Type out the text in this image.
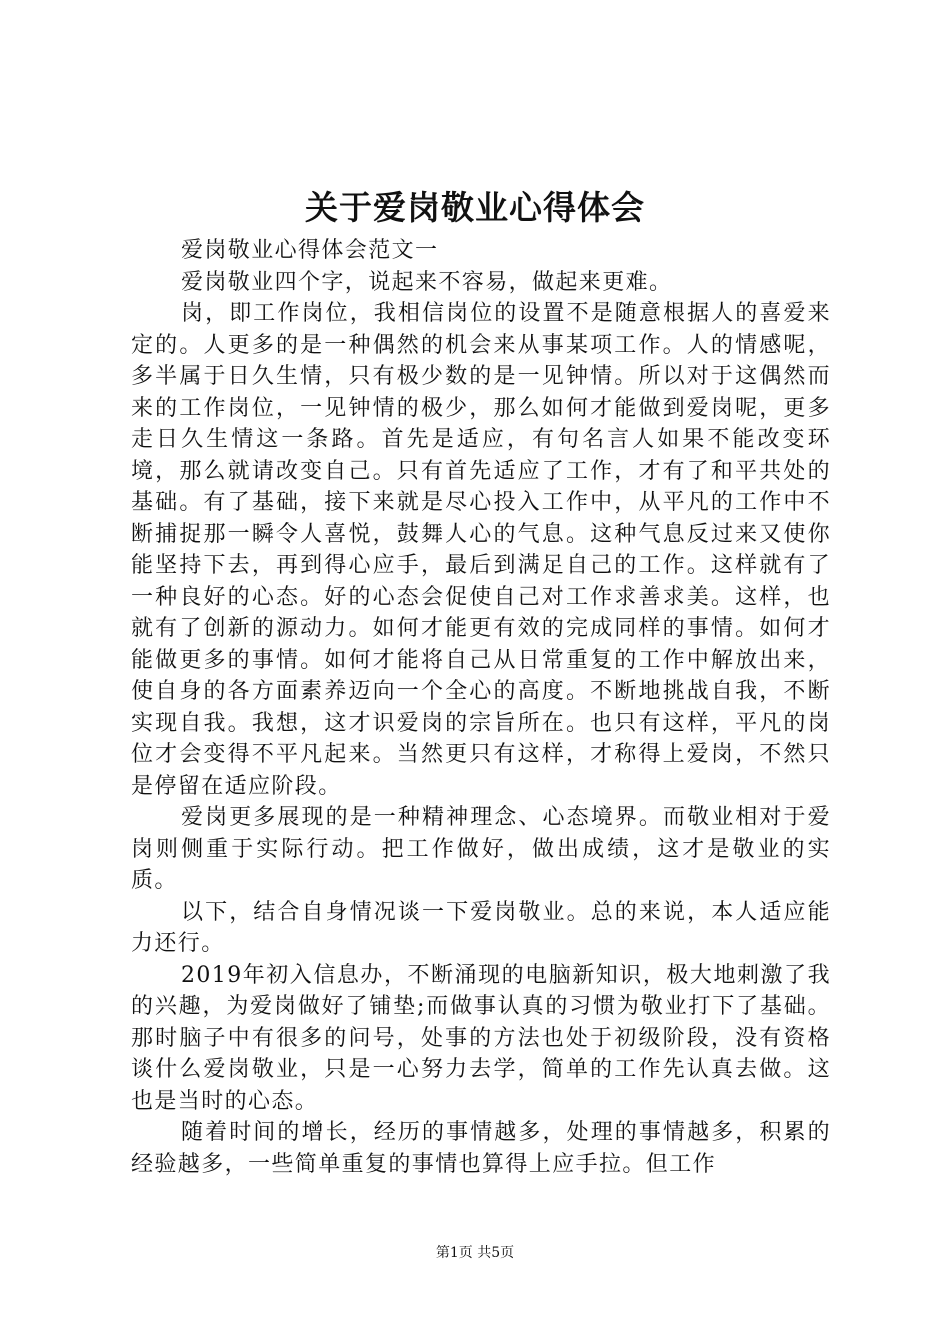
关于爱岗敬业心得体会

爱岗敬业心得体会范文一

爱岗敬业四个字，说起来不容易，做起来更难。

岗，即工作岗位，我相信岗位的设置不是随意根据人的喜爱来定的。人更多的是一种偶然的机会来从事某项工作。人的情感呢，多半属于日久生情，只有极少数的是一见钟情。所以对于这偶然而来的工作岗位，一见钟情的极少，那么如何才能做到爱岗呢，更多走日久生情这一条路。首先是适应，有句名言人如果不能改变环境，那么就请改变自己。只有首先适应了工作，才有了和平共处的基础。有了基础，接下来就是尽心投入工作中，从平凡的工作中不断捕捉那一瞬令人喜悦，鼓舞人心的气息。这种气息反过来又使你能坚持下去，再到得心应手，最后到满足自己的工作。这样就有了一种良好的心态。好的心态会促使自己对工作求善求美。这样，也就有了创新的源动力。如何才能更有效的完成同样的事情。如何才能做更多的事情。如何才能将自己从日常重复的工作中解放出来，使自身的各方面素养迈向一个全心的高度。不断地挑战自我，不断实现自我。我想，这才识爱岗的宗旨所在。也只有这样，平凡的岗位才会变得不平凡起来。当然更只有这样，才称得上爱岗，不然只是停留在适应阶段。

爱岗更多展现的是一种精神理念、心态境界。而敬业相对于爱岗则侧重于实际行动。把工作做好，做出成绩，这才是敬业的实质。

以下，结合自身情况谈一下爱岗敬业。总的来说，本人适应能力还行。

2019年初入信息办，不断涌现的电脑新知识，极大地刺激了我的兴趣，为爱岗做好了铺垫;而做事认真的习惯为敬业打下了基础。那时脑子中有很多的问号，处事的方法也处于初级阶段，没有资格谈什么爱岗敬业，只是一心努力去学，简单的工作先认真去做。这也是当时的心态。

随着时间的增长，经历的事情越多，处理的事情越多，积累的经验越多，一些简单重复的事情也算得上应手拉。但工作

第1页 共5页
